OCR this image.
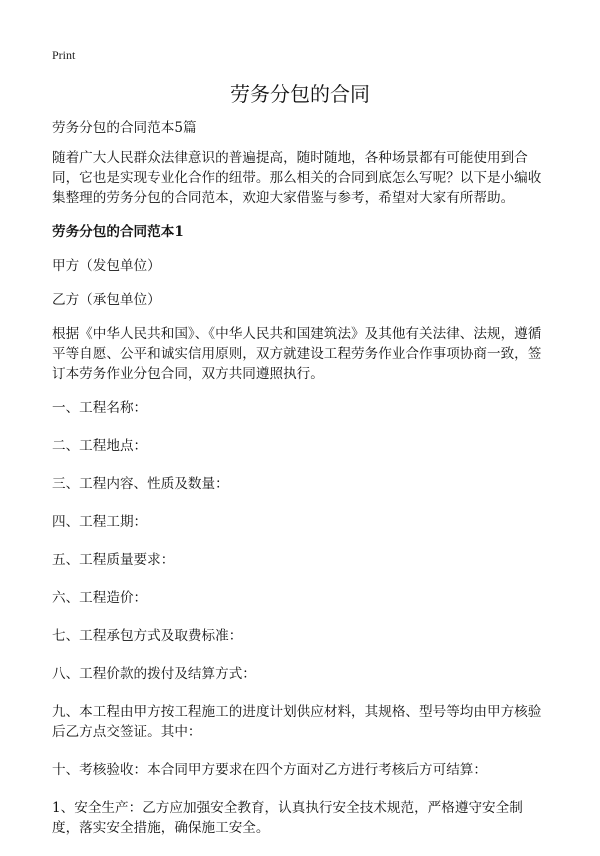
Print
劳务分包的合同

劳务分包的合同范本5篇

随着广大人民群众法律意识的普遍提高，随时随地，各种场景都有可能使用到合同，它也是实现专业化合作的纽带。那么相关的合同到底怎么写呢？以下是小编收集整理的劳务分包的合同范本，欢迎大家借鉴与参考，希望对大家有所帮助。

劳务分包的合同范本1

甲方（发包单位）

乙方（承包单位）

根据《中华人民共和国》、《中华人民共和国建筑法》及其他有关法律、法规，遵循平等自愿、公平和诚实信用原则，双方就建设工程劳务作业合作事项协商一致，签订本劳务作业分包合同，双方共同遵照执行。

一、工程名称：

二、工程地点：

三、工程内容、性质及数量：

四、工程工期：

五、工程质量要求：

六、工程造价：

七、工程承包方式及取费标准：

八、工程价款的拨付及结算方式：

九、本工程由甲方按工程施工的进度计划供应材料，其规格、型号等均由甲方核验后乙方点交签证。其中：

十、考核验收：本合同甲方要求在四个方面对乙方进行考核后方可结算：

1、安全生产：乙方应加强安全教育，认真执行安全技术规范，严格遵守安全制度，落实安全措施，确保施工安全。
